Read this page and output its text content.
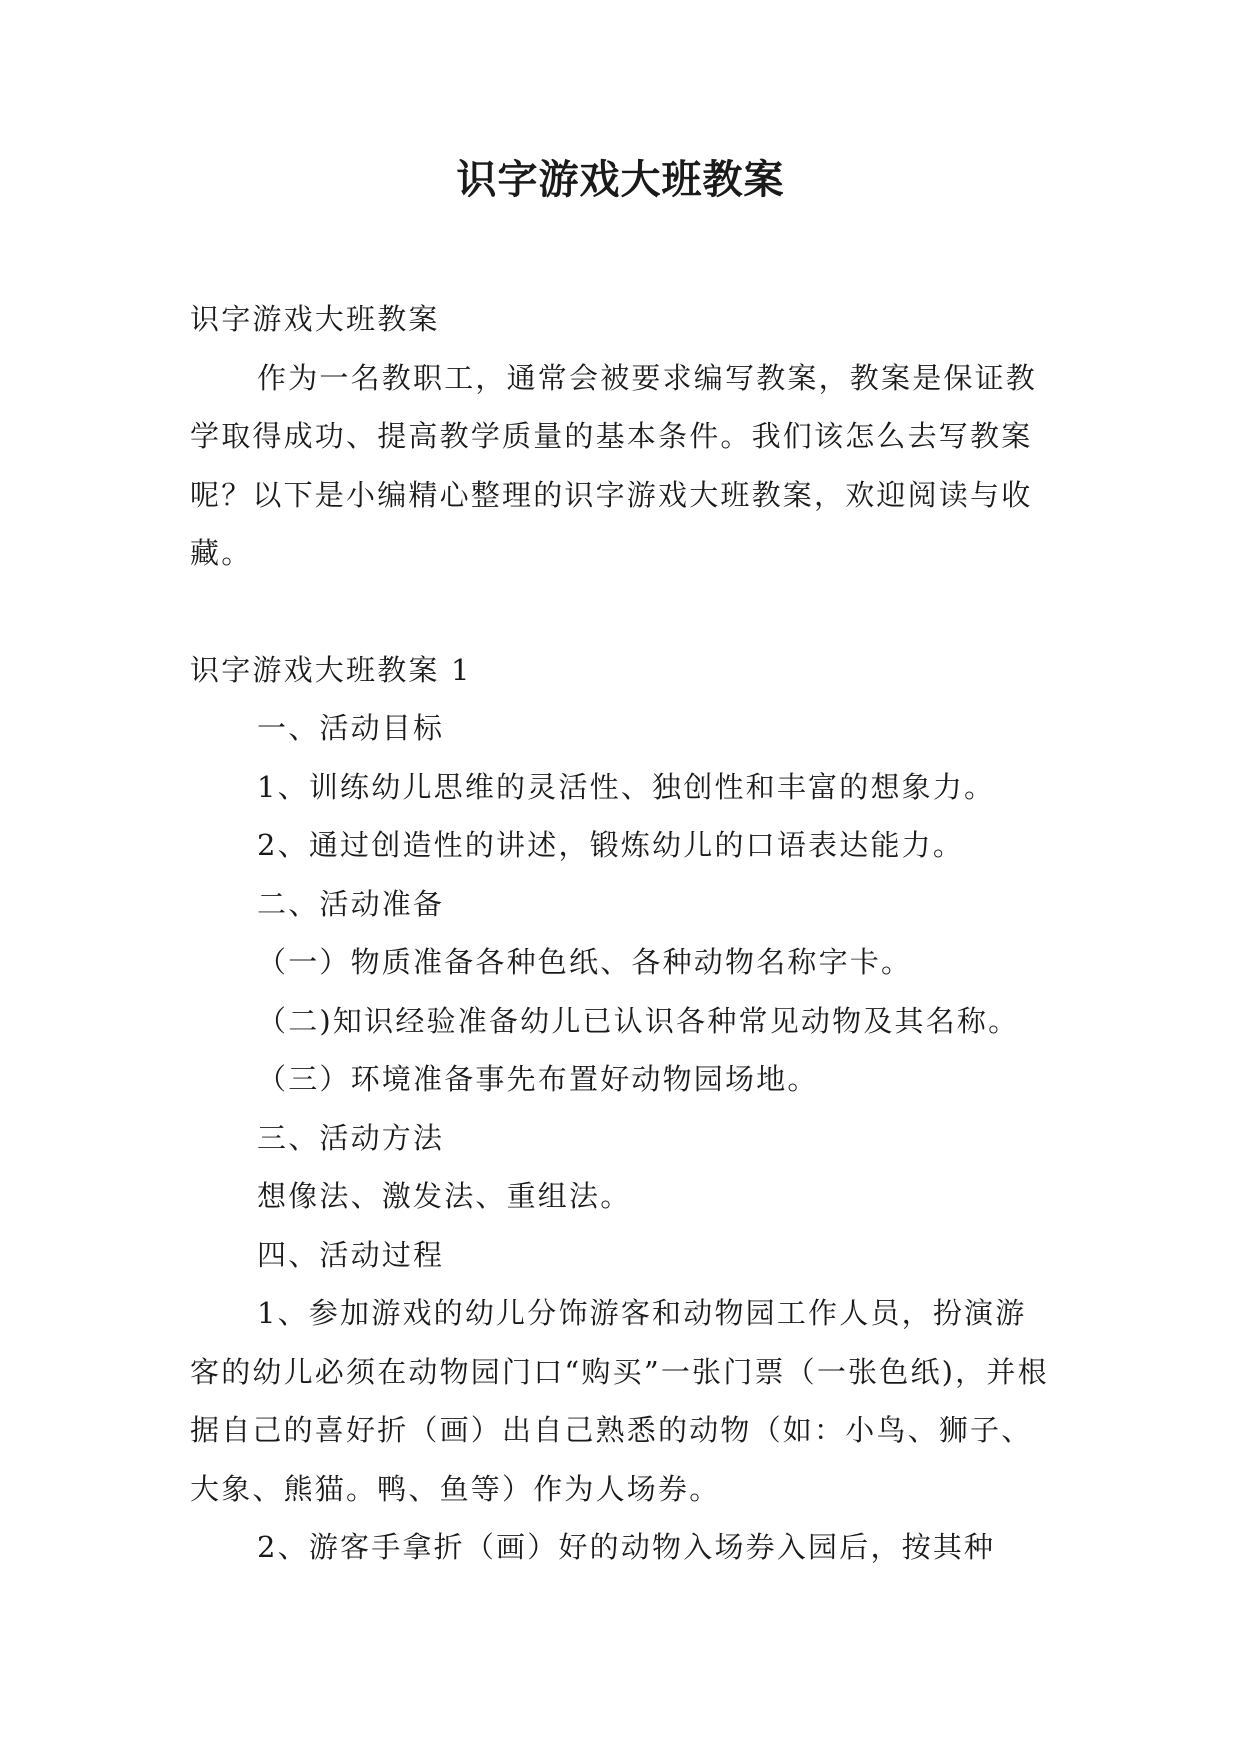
识字游戏大班教案

识字游戏大班教案

作为一名教职工，通常会被要求编写教案，教案是保证教学取得成功、提高教学质量的基本条件。我们该怎么去写教案呢？以下是小编精心整理的识字游戏大班教案，欢迎阅读与收藏。

识字游戏大班教案 1

一、活动目标

1、训练幼儿思维的灵活性、独创性和丰富的想象力。

2、通过创造性的讲述，锻炼幼儿的口语表达能力。

二、活动准备

（一）物质准备各种色纸、各种动物名称字卡。

（二)知识经验准备幼儿已认识各种常见动物及其名称。

（三）环境准备事先布置好动物园场地。

三、活动方法

想像法、激发法、重组法。

四、活动过程

1、参加游戏的幼儿分饰游客和动物园工作人员，扮演游客的幼儿必须在动物园门口“购买”一张门票（一张色纸)，并根据自己的喜好折（画）出自己熟悉的动物（如：小鸟、狮子、大象、熊猫。鸭、鱼等）作为人场券。

2、游客手拿折（画）好的动物入场券入园后，按其种
